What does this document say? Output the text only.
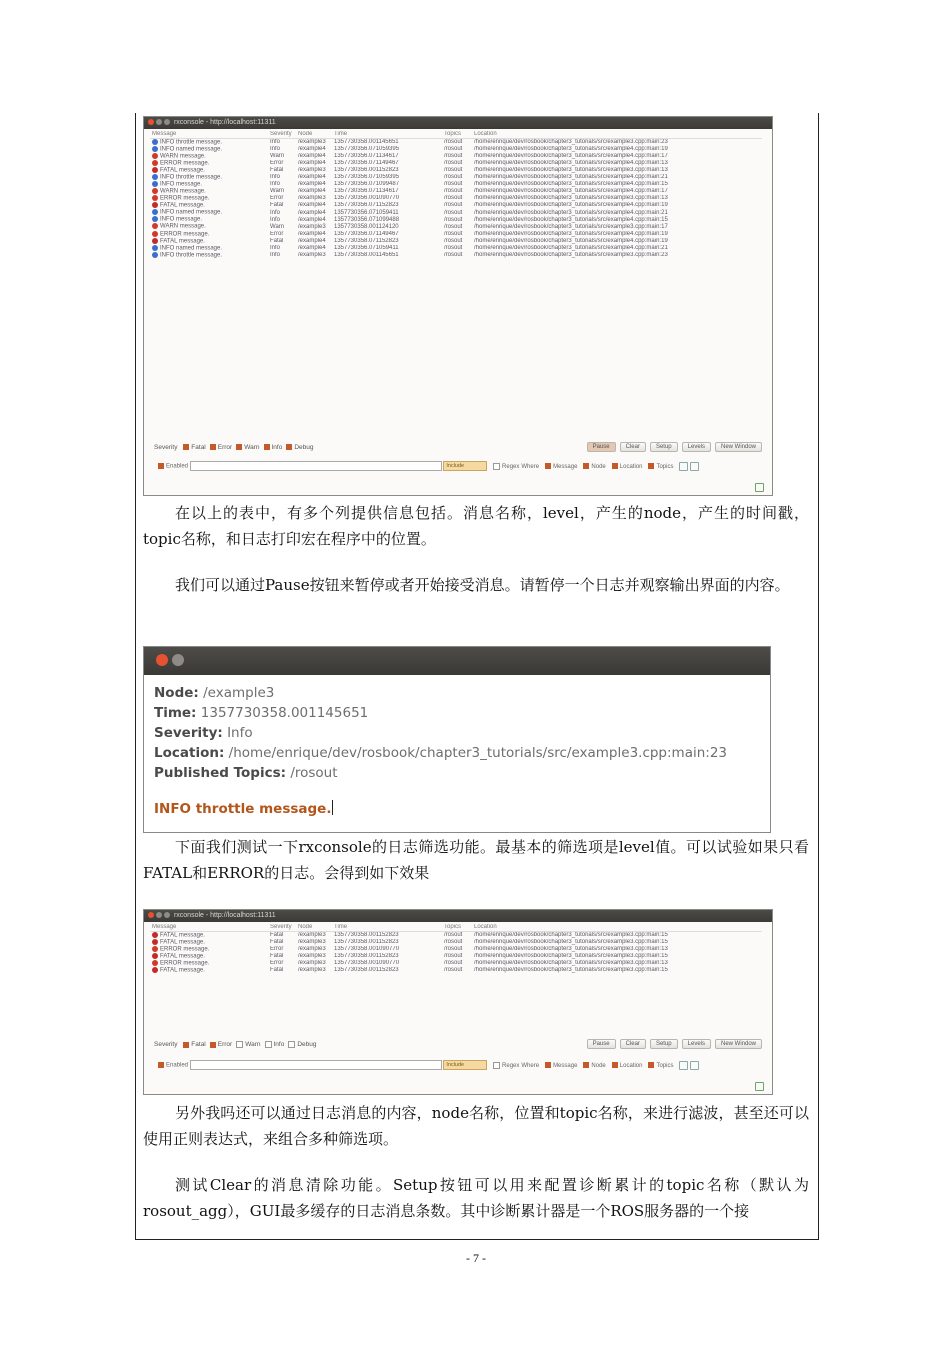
rxconsole - http://localhost:11311
Message	Severity	Node	Time	Topics	Location
INFO throttle message.	Info	/example3	1357730358.001145651	/rosout	/home/enrique/dev/rosbook/chapter3_tutorials/src/example3.cpp:main:23
INFO named message.	Info	/example4	1357730356.071059395	/rosout	/home/enrique/dev/rosbook/chapter3_tutorials/src/example4.cpp:main:19
WARN message.	Warn	/example4	1357730356.071134617	/rosout	/home/enrique/dev/rosbook/chapter3_tutorials/src/example4.cpp:main:17
ERROR message.	Error	/example4	1357730356.071149467	/rosout	/home/enrique/dev/rosbook/chapter3_tutorials/src/example4.cpp:main:13
FATAL message.	Fatal	/example3	1357730356.001152823	/rosout	/home/enrique/dev/rosbook/chapter3_tutorials/src/example3.cpp:main:13
INFO throttle message.	Info	/example4	1357730356.071059395	/rosout	/home/enrique/dev/rosbook/chapter3_tutorials/src/example4.cpp:main:21
INFO message.	Info	/example4	1357730356.071099487	/rosout	/home/enrique/dev/rosbook/chapter3_tutorials/src/example4.cpp:main:15
WARN message.	Warn	/example4	1357730356.071134617	/rosout	/home/enrique/dev/rosbook/chapter3_tutorials/src/example4.cpp:main:17
ERROR message.	Error	/example3	1357730356.001090770	/rosout	/home/enrique/dev/rosbook/chapter3_tutorials/src/example3.cpp:main:13
FATAL message.	Fatal	/example4	1357730356.071152823	/rosout	/home/enrique/dev/rosbook/chapter3_tutorials/src/example4.cpp:main:19
INFO named message.	Info	/example4	1357730356.071059411	/rosout	/home/enrique/dev/rosbook/chapter3_tutorials/src/example4.cpp:main:21
INFO message.	Info	/example4	1357730356.071099488	/rosout	/home/enrique/dev/rosbook/chapter3_tutorials/src/example4.cpp:main:15
WARN message.	Warn	/example3	1357730358.001124120	/rosout	/home/enrique/dev/rosbook/chapter3_tutorials/src/example3.cpp:main:17
ERROR message.	Error	/example4	1357730356.071149467	/rosout	/home/enrique/dev/rosbook/chapter3_tutorials/src/example4.cpp:main:19
FATAL message.	Fatal	/example4	1357730358.071152823	/rosout	/home/enrique/dev/rosbook/chapter3_tutorials/src/example4.cpp:main:19
INFO named message.	Info	/example4	1357730356.071059411	/rosout	/home/enrique/dev/rosbook/chapter3_tutorials/src/example4.cpp:main:21
INFO throttle message.	Info	/example3	1357730358.001145651	/rosout	/home/enrique/dev/rosbook/chapter3_tutorials/src/example3.cpp:main:23
Severity Fatal Error Warn Info Debug	Pause	Clear	Setup	Levels	New Window
Enabled	Include	Regex Where Message Node Location Topics

在以上的表中，有多个列提供信息包括。消息名称，level，产生的node，产生的时间戳，topic名称，和日志打印宏在程序中的位置。

我们可以通过Pause按钮来暂停或者开始接受消息。请暂停一个日志并观察输出界面的内容。

Node: /example3
Time: 1357730358.001145651
Severity: Info
Location: /home/enrique/dev/rosbook/chapter3_tutorials/src/example3.cpp:main:23
Published Topics: /rosout
INFO throttle message.

下面我们测试一下rxconsole的日志筛选功能。最基本的筛选项是level值。可以试验如果只看FATAL和ERROR的日志。会得到如下效果

rxconsole - http://localhost:11311
Message	Severity	Node	Time	Topics	Location
FATAL message.	Fatal	/example3	1357730358.001152823	/rosout	/home/enrique/dev/rosbook/chapter3_tutorials/src/example3.cpp:main:15
FATAL message.	Fatal	/example3	1357730358.001152823	/rosout	/home/enrique/dev/rosbook/chapter3_tutorials/src/example3.cpp:main:15
ERROR message.	Error	/example3	1357730358.001090770	/rosout	/home/enrique/dev/rosbook/chapter3_tutorials/src/example3.cpp:main:13
FATAL message.	Fatal	/example3	1357730358.001152823	/rosout	/home/enrique/dev/rosbook/chapter3_tutorials/src/example3.cpp:main:15
ERROR message.	Error	/example3	1357730358.001090770	/rosout	/home/enrique/dev/rosbook/chapter3_tutorials/src/example3.cpp:main:13
FATAL message.	Fatal	/example3	1357730358.001152823	/rosout	/home/enrique/dev/rosbook/chapter3_tutorials/src/example3.cpp:main:15
Severity Fatal Error Warn Info Debug	Pause	Clear	Setup	Levels	New Window
Enabled	Include	Regex Where Message Node Location Topics

另外我吗还可以通过日志消息的内容，node名称，位置和topic名称，来进行滤波，甚至还可以使用正则表达式，来组合多种筛选项。

测试Clear的消息清除功能。Setup按钮可以用来配置诊断累计的topic名称（默认为rosout_agg），GUI最多缓存的日志消息条数。其中诊断累计器是一个ROS服务器的一个接

- 7 -
